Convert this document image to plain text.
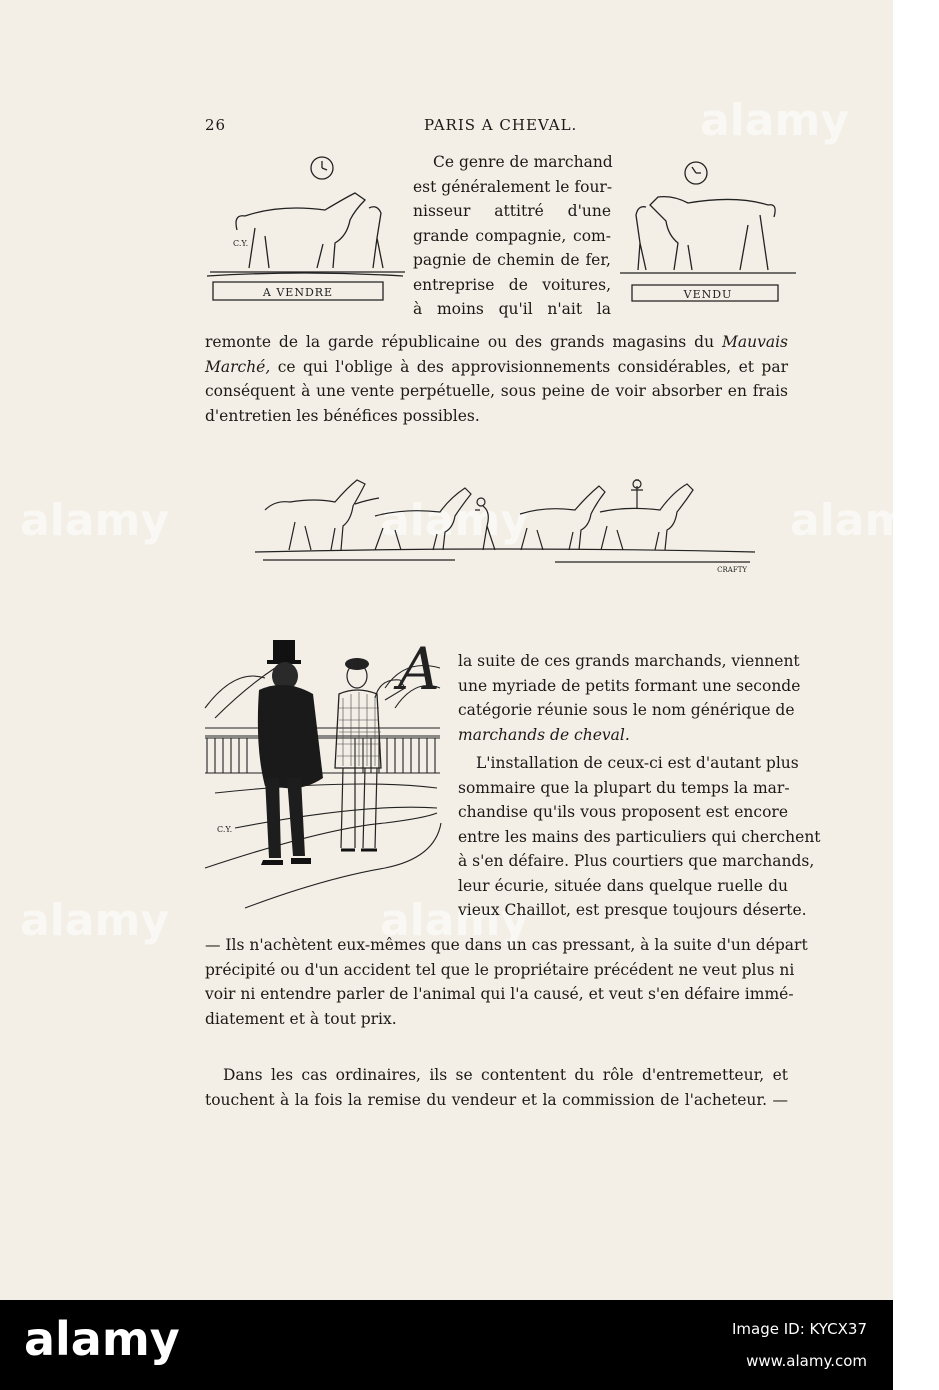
alamy
alamy	alamy	alamy
alamy
alamy
26	PARIS A CHEVAL.
C.Y.
A VENDRE	VENDU
Ce genre de marchand
est généralement le four-
nisseur attitré d'une
grande compagnie, com-
pagnie de chemin de fer,
entreprise de voitures,
à moins qu'il n'ait la
remonte de la garde républicaine ou des grands magasins du Mauvais
Marché, ce qui l'oblige à des approvisionnements considérables, et par
conséquent à une vente perpétuelle, sous peine de voir absorber en frais
d'entretien les bénéfices possibles.
CRAFTY
C.Y.
A la suite de ces grands marchands, viennent
une myriade de petits formant une seconde
catégorie réunie sous le nom générique de
marchands de cheval.
L'installation de ceux-ci est d'autant plus
sommaire que la plupart du temps la mar-
chandise qu'ils vous proposent est encore
entre les mains des particuliers qui cherchent
à s'en défaire. Plus courtiers que marchands,
leur écurie, située dans quelque ruelle du
vieux Chaillot, est presque toujours déserte.
— Ils n'achètent eux-mêmes que dans un cas pressant, à la suite d'un départ
précipité ou d'un accident tel que le propriétaire précédent ne veut plus ni
voir ni entendre parler de l'animal qui l'a causé, et veut s'en défaire immé-
diatement et à tout prix.
Dans les cas ordinaires, ils se contentent du rôle d'entremetteur, et
touchent à la fois la remise du vendeur et la commission de l'acheteur. —
alamy	Image ID: KYCX37
www.alamy.com
